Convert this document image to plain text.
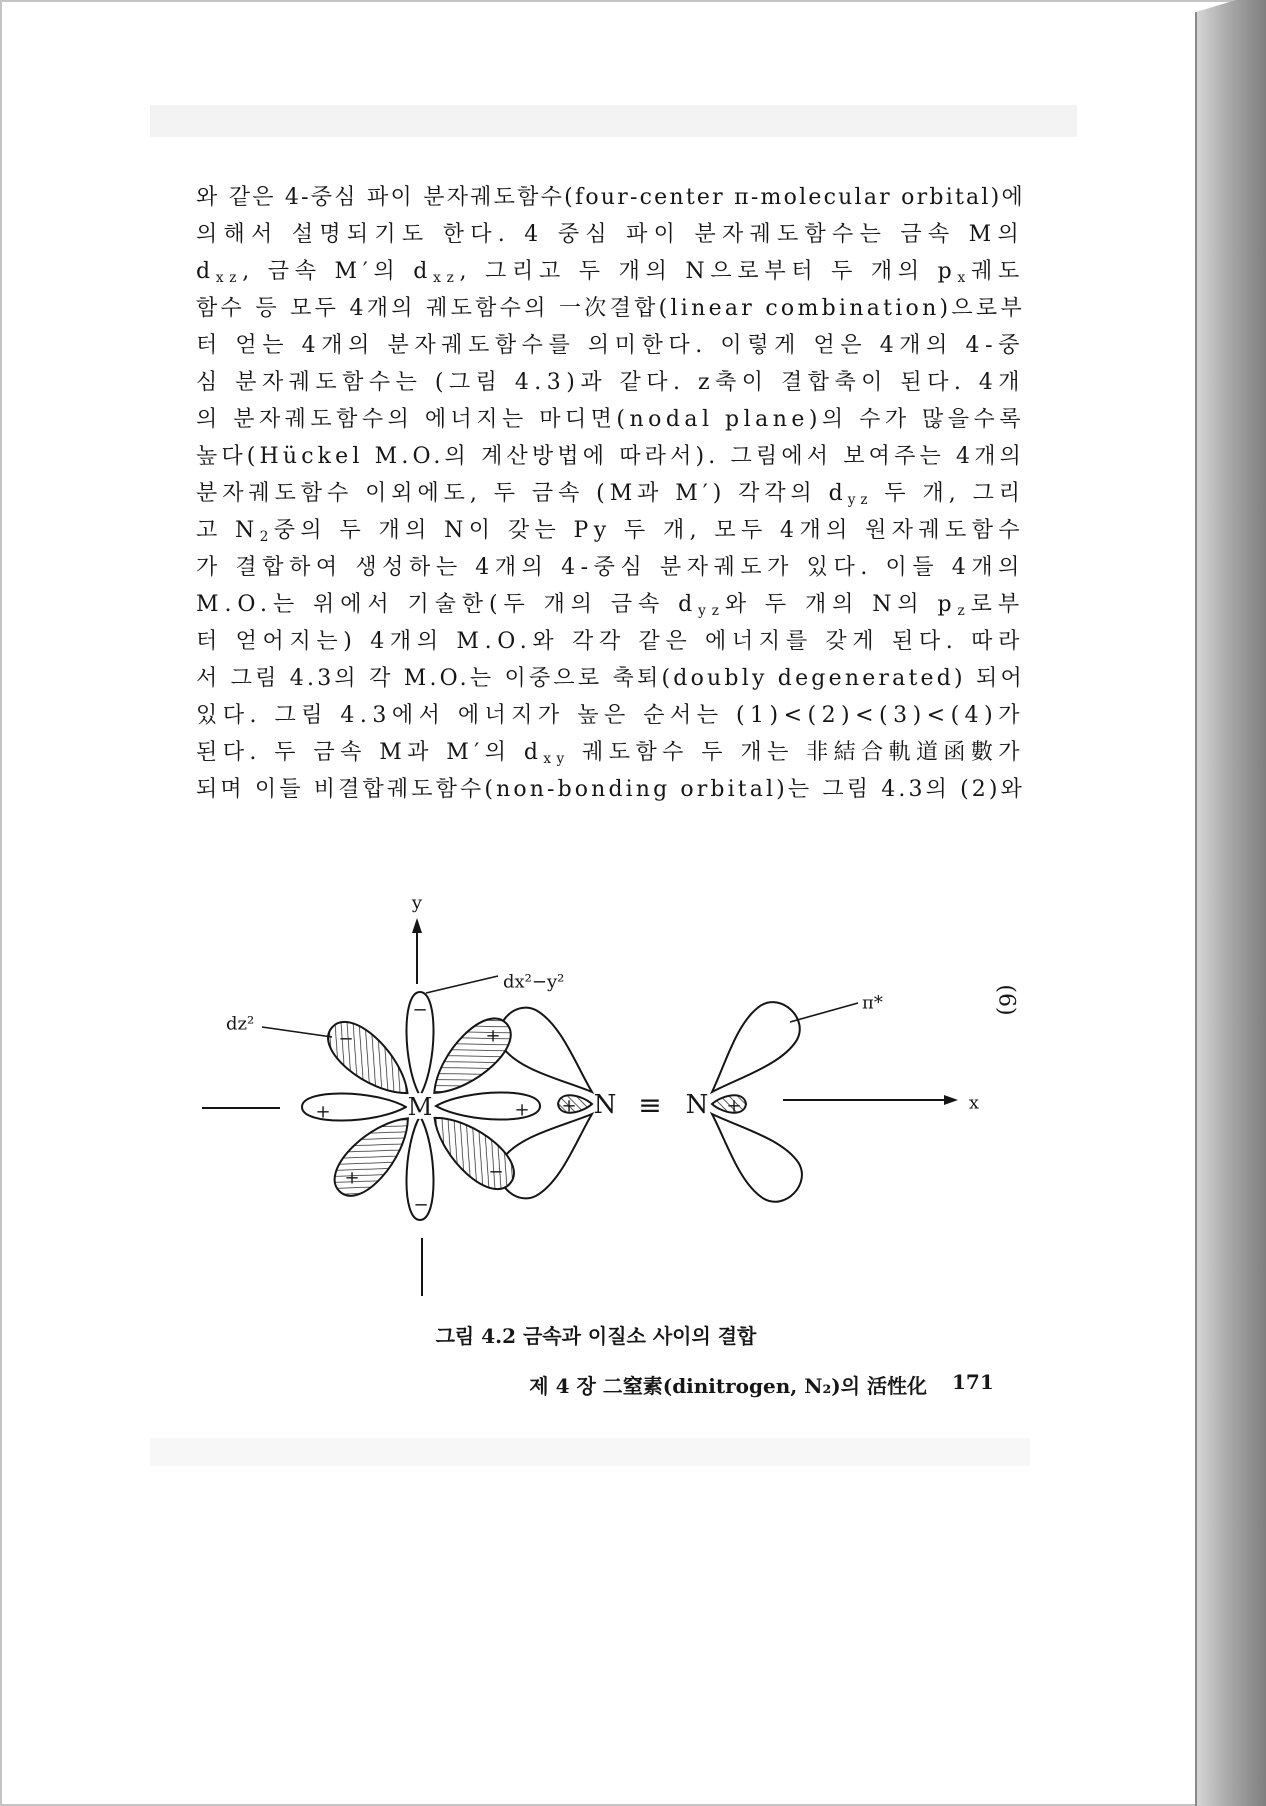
와 같은 4-중심 파이 분자궤도함수(four-center π-molecular orbital)에
의해서 설명되기도 한다. 4 중심 파이 분자궤도함수는 금속 M의
$d_{xz}$, 금속 M′의 $d_{xz}$, 그리고 두 개의 N으로부터 두 개의 $p_x$궤도
함수 등 모두 4개의 궤도함수의 一次결합(linear combination)으로부
터 얻는 4개의 분자궤도함수를 의미한다. 이렇게 얻은 4개의 4-중
심 분자궤도함수는 (그림 4.3)과 같다. z축이 결합축이 된다. 4개
의 분자궤도함수의 에너지는 마디면(nodal plane)의 수가 많을수록
높다(Hückel M.O.의 계산방법에 따라서). 그림에서 보여주는 4개의
분자궤도함수 이외에도, 두 금속 (M과 M′) 각각의 $d_{yz}$ 두 개, 그리
고 $N_2$중의 두 개의 N이 갖는 Py 두 개, 모두 4개의 원자궤도함수
가 결합하여 생성하는 4개의 4-중심 분자궤도가 있다. 이들 4개의
M.O.는 위에서 기술한(두 개의 금속 $d_{yz}$와 두 개의 N의 $p_z$로부
터 얻어지는) 4개의 M.O.와 각각 같은 에너지를 갖게 된다. 따라
서 그림 4.3의 각 M.O.는 이중으로 축퇴(doubly degenerated) 되어
있다. 그림 4.3에서 에너지가 높은 순서는 (1)<(2)<(3)<(4)가
된다. 두 금속 M과 M′의 $d_{xy}$ 궤도함수 두 개는 非結合軌道函數가
되며 이들 비결합궤도함수(non-bonding orbital)는 그림 4.3의 (2)와
M	N ≡ N
y
x
dx²−y²
dz²
π*
−
−
+	+
−	+
+	−
+	+
(6)
그림 4.2 금속과 이질소 사이의 결합
제 4 장 二窒素(dinitrogen, N₂)의 活性化 171
